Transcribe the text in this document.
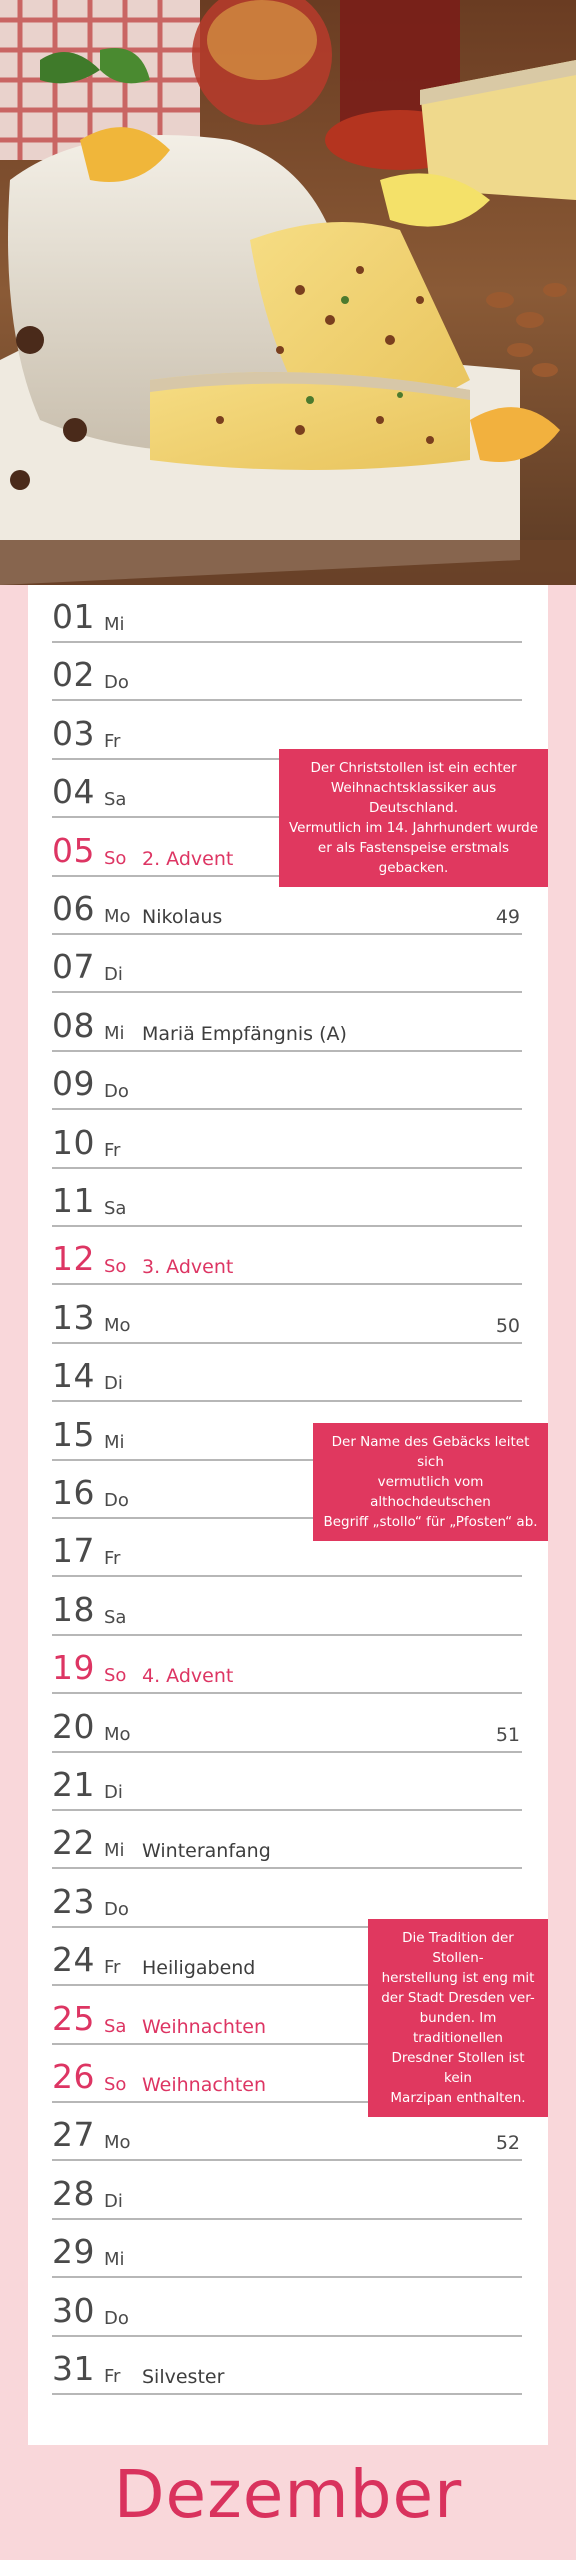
01 Mi
02 Do
03 Fr
04 Sa
05 So 2. Advent
06 Mo Nikolaus	49
07 Di
08 Mi Mariä Empfängnis (A)
09 Do
10 Fr
11 Sa
12 So 3. Advent
13 Mo	50
14 Di
15 Mi
16 Do
17 Fr
18 Sa
19 So 4. Advent
20 Mo	51
21 Di
22 Mi Winteranfang
23 Do
24 Fr Heiligabend
25 Sa Weihnachten
26 So Weihnachten
27 Mo	52
28 Di
29 Mi
30 Do
31 Fr Silvester
Der Christstollen ist ein echter
Weihnachtsklassiker aus Deutschland.
Vermutlich im 14. Jahrhundert wurde
er als Fastenspeise erstmals gebacken.
Der Name des Gebäcks leitet sich
vermutlich vom althochdeutschen
Begriff „stollo“ für „Pfosten“ ab.
Die Tradition der Stollen-
herstellung ist eng mit
der Stadt Dresden ver-
bunden. Im traditionellen
Dresdner Stollen ist kein
Marzipan enthalten.
Dezember
